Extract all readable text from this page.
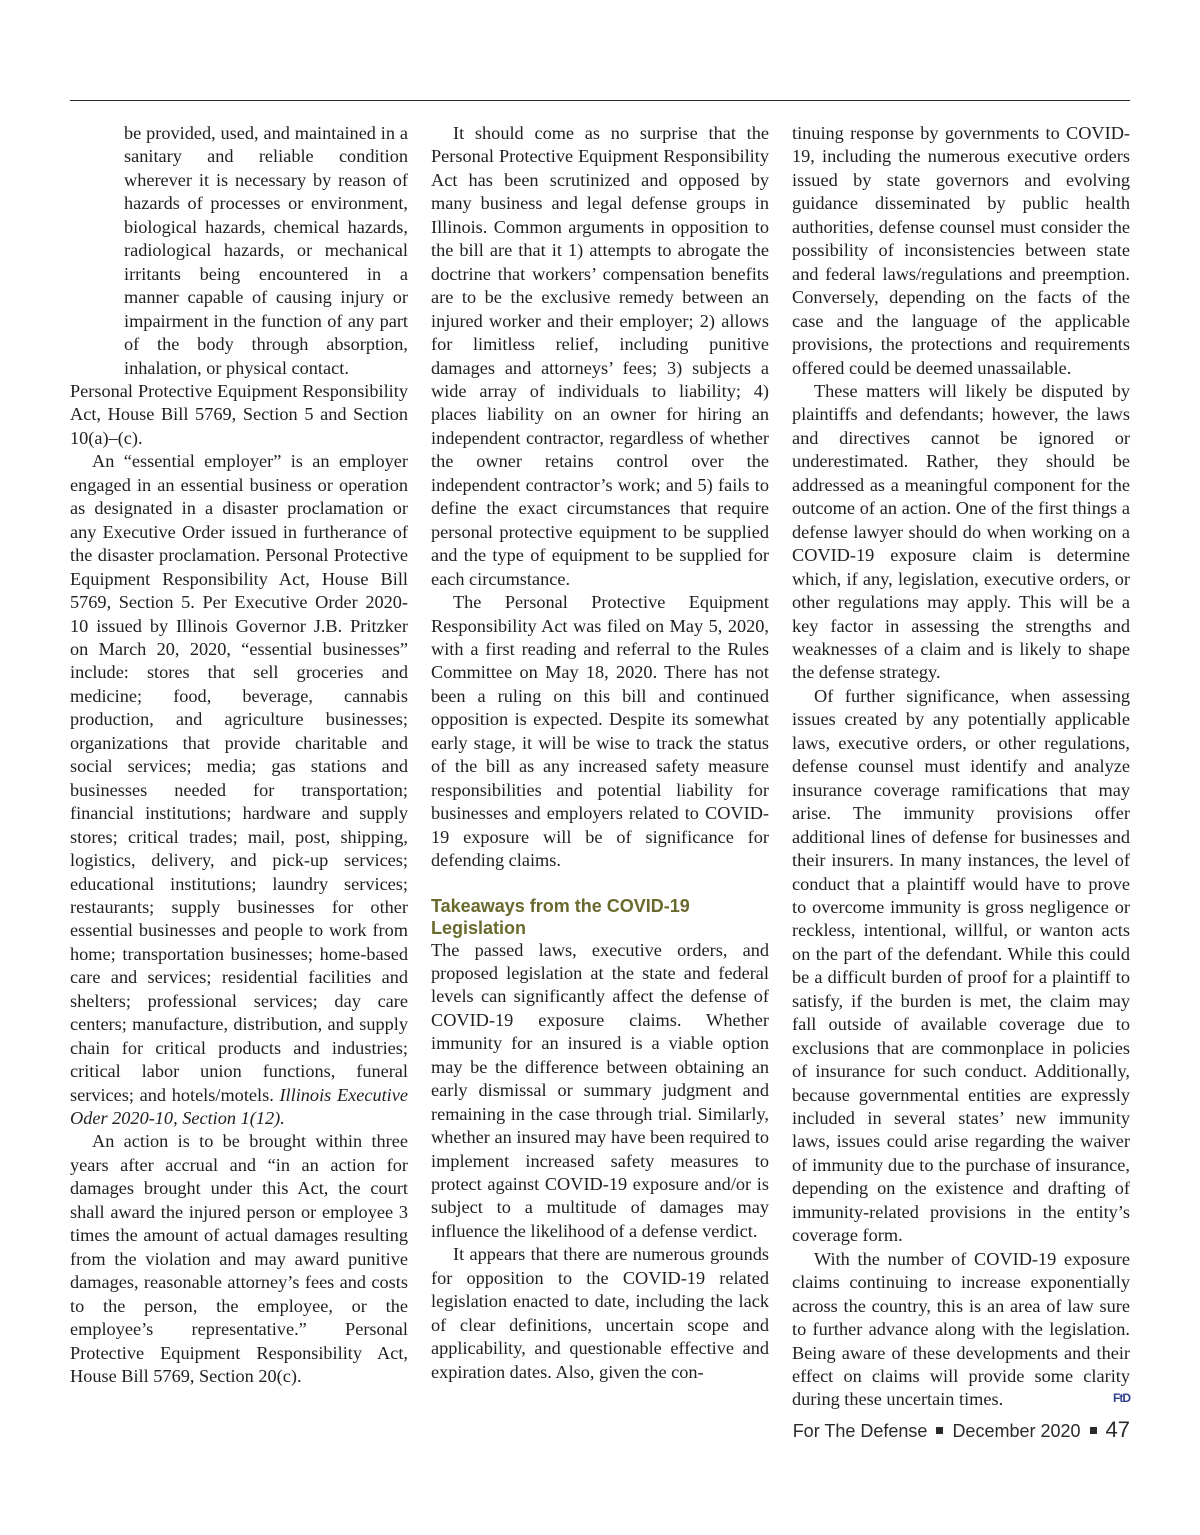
be provided, used, and maintained in a sanitary and reliable condition wherever it is necessary by reason of hazards of processes or environment, biological hazards, chemical hazards, radiological hazards, or mechanical irritants being encountered in a manner capable of causing injury or impairment in the function of any part of the body through absorption, inhalation, or physical contact.

Personal Protective Equipment Responsibility Act, House Bill 5769, Section 5 and Section 10(a)–(c).

An “essential employer” is an employer engaged in an essential business or operation as designated in a disaster proclamation or any Executive Order issued in furtherance of the disaster proclamation. Personal Protective Equipment Responsibility Act, House Bill 5769, Section 5. Per Executive Order 2020-10 issued by Illinois Governor J.B. Pritzker on March 20, 2020, “essential businesses” include: stores that sell groceries and medicine; food, beverage, cannabis production, and agriculture businesses; organizations that provide charitable and social services; media; gas stations and businesses needed for transportation; financial institutions; hardware and supply stores; critical trades; mail, post, shipping, logistics, delivery, and pick-up services; educational institutions; laundry services; restaurants; supply businesses for other essential businesses and people to work from home; transportation businesses; home-based care and services; residential facilities and shelters; professional services; day care centers; manufacture, distribution, and supply chain for critical products and industries; critical labor union functions, funeral services; and hotels/motels. Illinois Executive Oder 2020-10, Section 1(12).

An action is to be brought within three years after accrual and “in an action for damages brought under this Act, the court shall award the injured person or employee 3 times the amount of actual damages resulting from the violation and may award punitive damages, reasonable attorney’s fees and costs to the person, the employee, or the employee’s representative.” Personal Protective Equipment Responsibility Act, House Bill 5769, Section 20(c).

It should come as no surprise that the Personal Protective Equipment Responsibility Act has been scrutinized and opposed by many business and legal defense groups in Illinois. Common arguments in opposition to the bill are that it 1) attempts to abrogate the doctrine that workers’ compensation benefits are to be the exclusive remedy between an injured worker and their employer; 2) allows for limitless relief, including punitive damages and attorneys’ fees; 3) subjects a wide array of individuals to liability; 4) places liability on an owner for hiring an independent contractor, regardless of whether the owner retains control over the independent contractor’s work; and 5) fails to define the exact circumstances that require personal protective equipment to be supplied and the type of equipment to be supplied for each circumstance.

The Personal Protective Equipment Responsibility Act was filed on May 5, 2020, with a first reading and referral to the Rules Committee on May 18, 2020. There has not been a ruling on this bill and continued opposition is expected. Despite its somewhat early stage, it will be wise to track the status of the bill as any increased safety measure responsibilities and potential liability for businesses and employers related to COVID-19 exposure will be of significance for defending claims.

Takeaways from the COVID-19 Legislation

The passed laws, executive orders, and proposed legislation at the state and federal levels can significantly affect the defense of COVID-19 exposure claims. Whether immunity for an insured is a viable option may be the difference between obtaining an early dismissal or summary judgment and remaining in the case through trial. Similarly, whether an insured may have been required to implement increased safety measures to protect against COVID-19 exposure and/or is subject to a multitude of damages may influence the likelihood of a defense verdict.

It appears that there are numerous grounds for opposition to the COVID-19 related legislation enacted to date, including the lack of clear definitions, uncertain scope and applicability, and questionable effective and expiration dates. Also, given the con-

tinuing response by governments to COVID-19, including the numerous executive orders issued by state governors and evolving guidance disseminated by public health authorities, defense counsel must consider the possibility of inconsistencies between state and federal laws/regulations and preemption. Conversely, depending on the facts of the case and the language of the applicable provisions, the protections and requirements offered could be deemed unassailable.

These matters will likely be disputed by plaintiffs and defendants; however, the laws and directives cannot be ignored or underestimated. Rather, they should be addressed as a meaningful component for the outcome of an action. One of the first things a defense lawyer should do when working on a COVID-19 exposure claim is determine which, if any, legislation, executive orders, or other regulations may apply. This will be a key factor in assessing the strengths and weaknesses of a claim and is likely to shape the defense strategy.

Of further significance, when assessing issues created by any potentially applicable laws, executive orders, or other regulations, defense counsel must identify and analyze insurance coverage ramifications that may arise. The immunity provisions offer additional lines of defense for businesses and their insurers. In many instances, the level of conduct that a plaintiff would have to prove to overcome immunity is gross negligence or reckless, intentional, willful, or wanton acts on the part of the defendant. While this could be a difficult burden of proof for a plaintiff to satisfy, if the burden is met, the claim may fall outside of available coverage due to exclusions that are commonplace in policies of insurance for such conduct. Additionally, because governmental entities are expressly included in several states’ new immunity laws, issues could arise regarding the waiver of immunity due to the purchase of insurance, depending on the existence and drafting of immunity-related provisions in the entity’s coverage form.

With the number of COVID-19 exposure claims continuing to increase exponentially across the country, this is an area of law sure to further advance along with the legislation. Being aware of these developments and their effect on claims will provide some clarity during these uncertain times.	FtD

For The Defense December 2020 47
